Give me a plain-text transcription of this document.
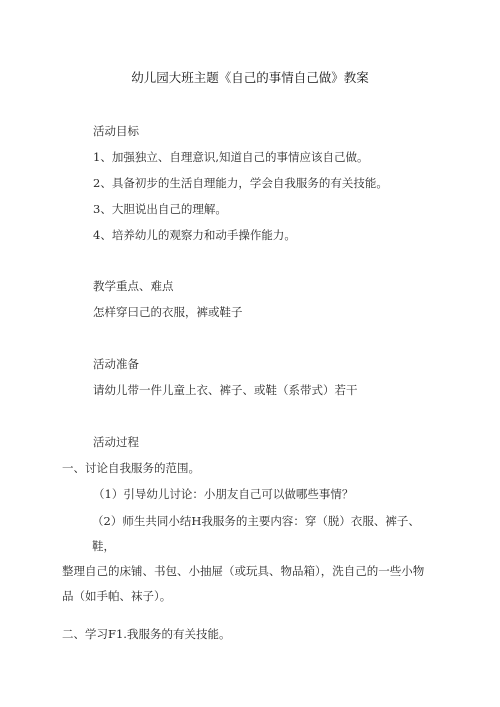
幼儿园大班主题《自己的事情自己做》教案
活动目标
1、加强独立、自理意识,知道自己的事情应该自己做。
2、具备初步的生活自理能力，学会自我服务的有关技能。
3、大胆说出自己的理解。
4、培养幼儿的观察力和动手操作能力。
教学重点、难点
怎样穿曰己的衣服，裤或鞋子
活动准备
请幼儿带一件儿童上衣、裤子、或鞋（系带式）若干
活动过程
一、讨论自我服务的范围。
（1）引导幼儿讨论：小朋友自己可以做哪些事情？
（2）师生共同小结H我服务的主要内容：穿（脱）衣服、裤子、鞋，
整理自己的床铺、书包、小抽屉（或玩具、物品箱），洗自己的一些小物
品（如手帕、袜子）。
二、学习F1.我服务的有关技能。
